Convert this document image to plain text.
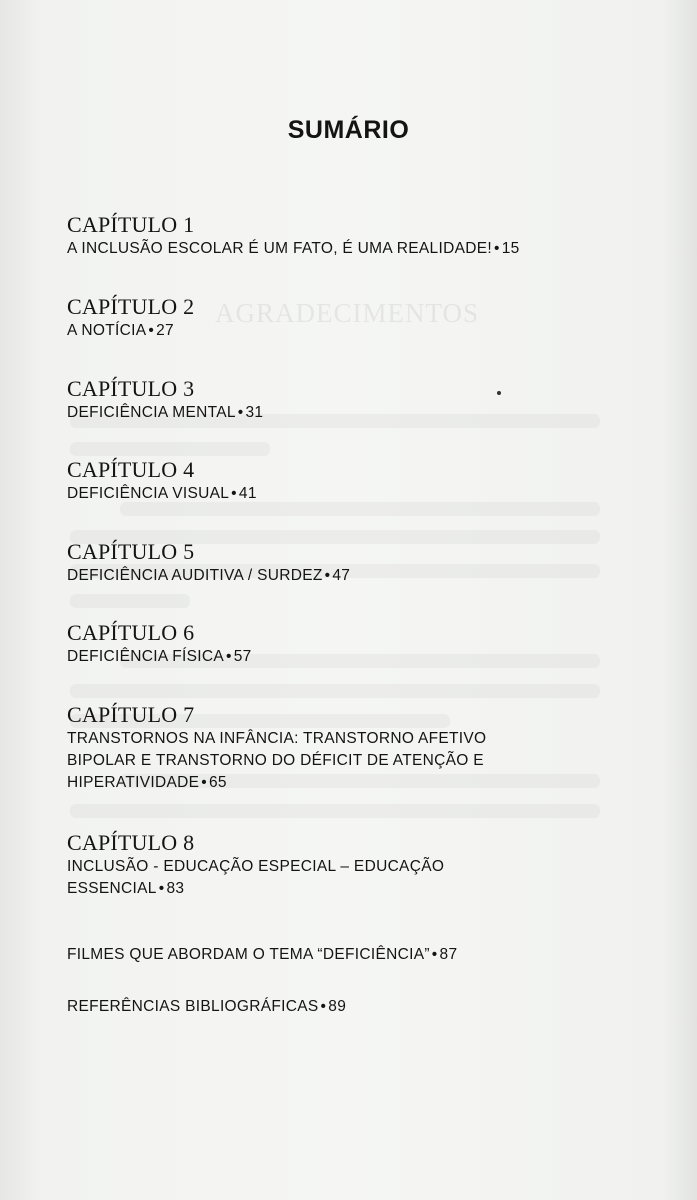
AGRADECIMENTOS
SUMÁRIO
CAPÍTULO 1
A INCLUSÃO ESCOLAR É UM FATO, É UMA REALIDADE! • 15
CAPÍTULO 2
A NOTÍCIA • 27
CAPÍTULO 3
DEFICIÊNCIA MENTAL • 31
CAPÍTULO 4
DEFICIÊNCIA VISUAL • 41
CAPÍTULO 5
DEFICIÊNCIA AUDITIVA / SURDEZ • 47
CAPÍTULO 6
DEFICIÊNCIA FÍSICA • 57
CAPÍTULO 7
TRANSTORNOS NA INFÂNCIA: TRANSTORNO AFETIVO
BIPOLAR E TRANSTORNO DO DÉFICIT DE ATENÇÃO E
HIPERATIVIDADE • 65
CAPÍTULO 8
INCLUSÃO - EDUCAÇÃO ESPECIAL – EDUCAÇÃO
ESSENCIAL • 83
FILMES QUE ABORDAM O TEMA “DEFICIÊNCIA” • 87
REFERÊNCIAS BIBLIOGRÁFICAS • 89
